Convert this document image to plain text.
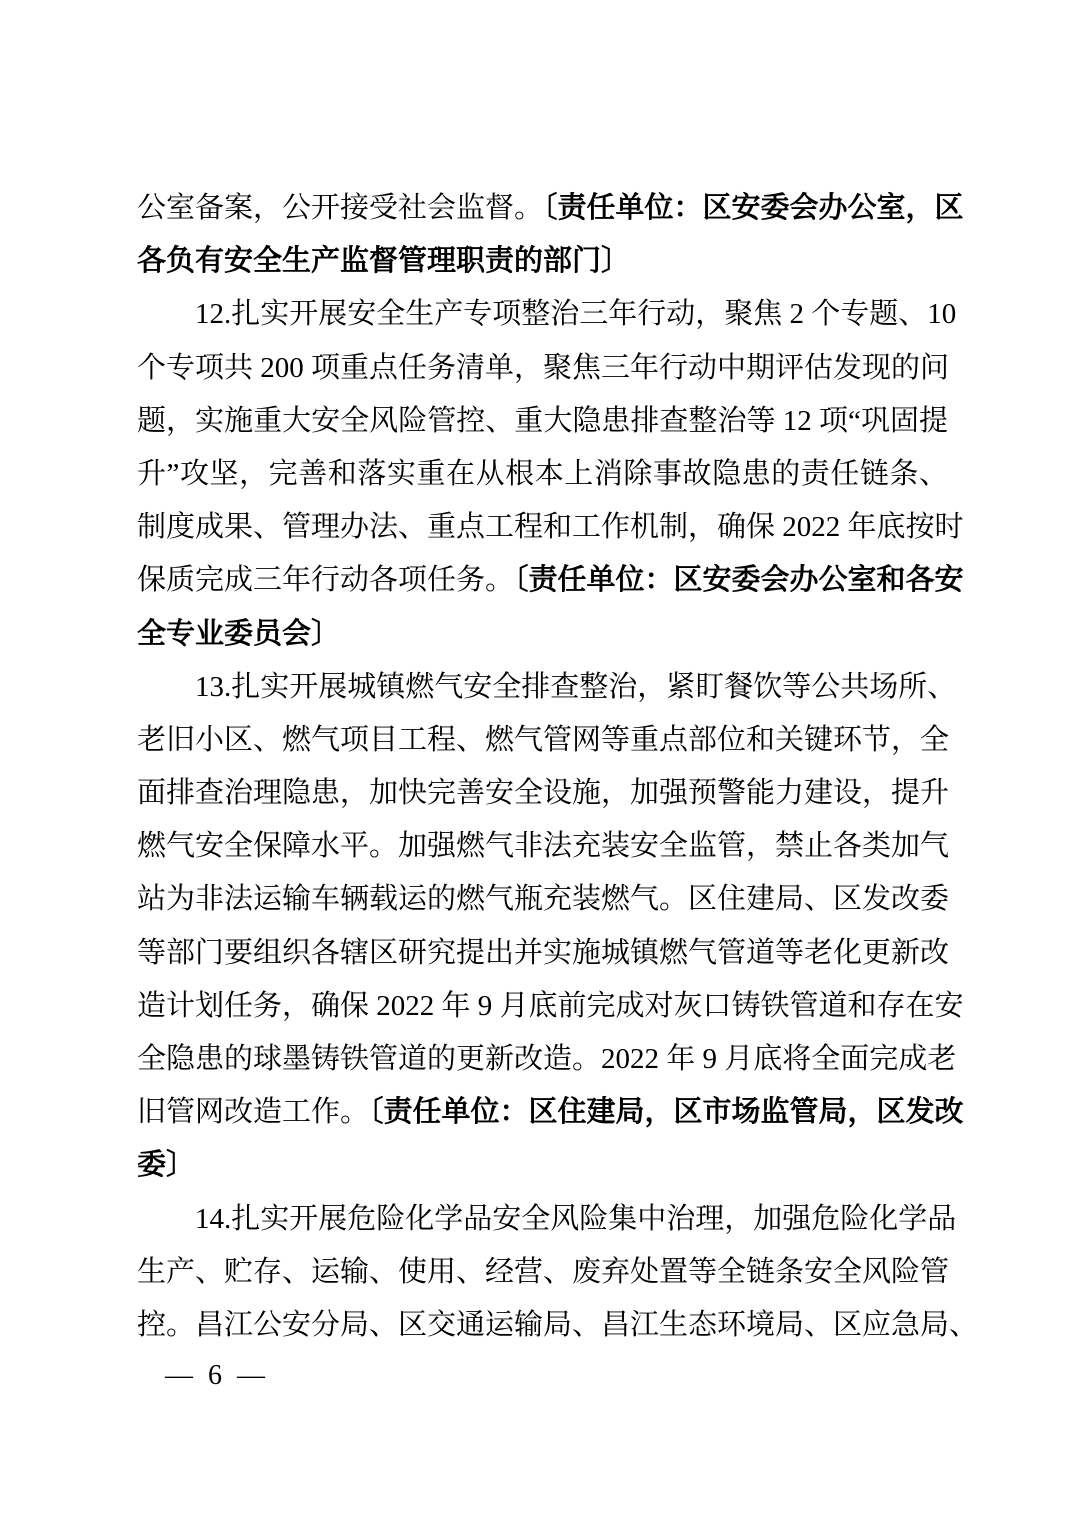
公室备案，公开接受社会监督。〔责任单位：区安委会办公室，区
各负有安全生产监督管理职责的部门〕
12.扎实开展安全生产专项整治三年行动，聚焦 2 个专题、10
个专项共 200 项重点任务清单，聚焦三年行动中期评估发现的问
题，实施重大安全风险管控、重大隐患排查整治等 12 项“巩固提
升”攻坚，完善和落实重在从根本上消除事故隐患的责任链条、
制度成果、管理办法、重点工程和工作机制，确保 2022 年底按时
保质完成三年行动各项任务。〔责任单位：区安委会办公室和各安
全专业委员会〕
13.扎实开展城镇燃气安全排查整治，紧盯餐饮等公共场所、
老旧小区、燃气项目工程、燃气管网等重点部位和关键环节，全
面排查治理隐患，加快完善安全设施，加强预警能力建设，提升
燃气安全保障水平。加强燃气非法充装安全监管，禁止各类加气
站为非法运输车辆载运的燃气瓶充装燃气。区住建局、区发改委
等部门要组织各辖区研究提出并实施城镇燃气管道等老化更新改
造计划任务，确保 2022 年 9 月底前完成对灰口铸铁管道和存在安
全隐患的球墨铸铁管道的更新改造。2022 年 9 月底将全面完成老
旧管网改造工作。〔责任单位：区住建局，区市场监管局，区发改
委〕
14.扎实开展危险化学品安全风险集中治理，加强危险化学品
生产、贮存、运输、使用、经营、废弃处置等全链条安全风险管
控。昌江公安分局、区交通运输局、昌江生态环境局、区应急局、
— 6 —
